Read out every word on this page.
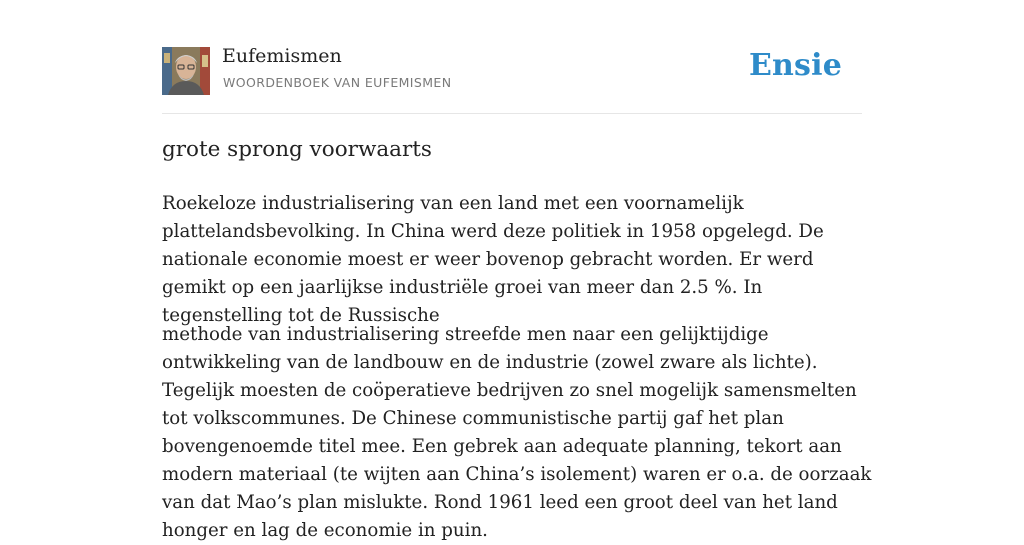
Eufemismen
WOORDENBOEK VAN EUFEMISMEN	Ensie
grote sprong voorwaarts

Roekeloze industrialisering van een land met een voornamelijk plattelandsbevolking. In China werd deze politiek in 1958 opgelegd. De nationale economie moest er weer bovenop gebracht worden. Er werd gemikt op een jaarlijkse industriële groei van meer dan 2.5 %. In tegenstelling tot de Russische

methode van industrialisering streefde men naar een gelijktijdige ontwikkeling van de landbouw en de industrie (zowel zware als lichte). Tegelijk moesten de coöperatieve bedrijven zo snel mogelijk samensmelten tot volkscommunes. De Chinese communistische partij gaf het plan bovengenoemde titel mee. Een gebrek aan adequate planning, tekort aan modern materiaal (te wijten aan China’s isolement) waren er o.a. de oorzaak van dat Mao’s plan mislukte. Rond 1961 leed een groot deel van het land honger en lag de economie in puin.
